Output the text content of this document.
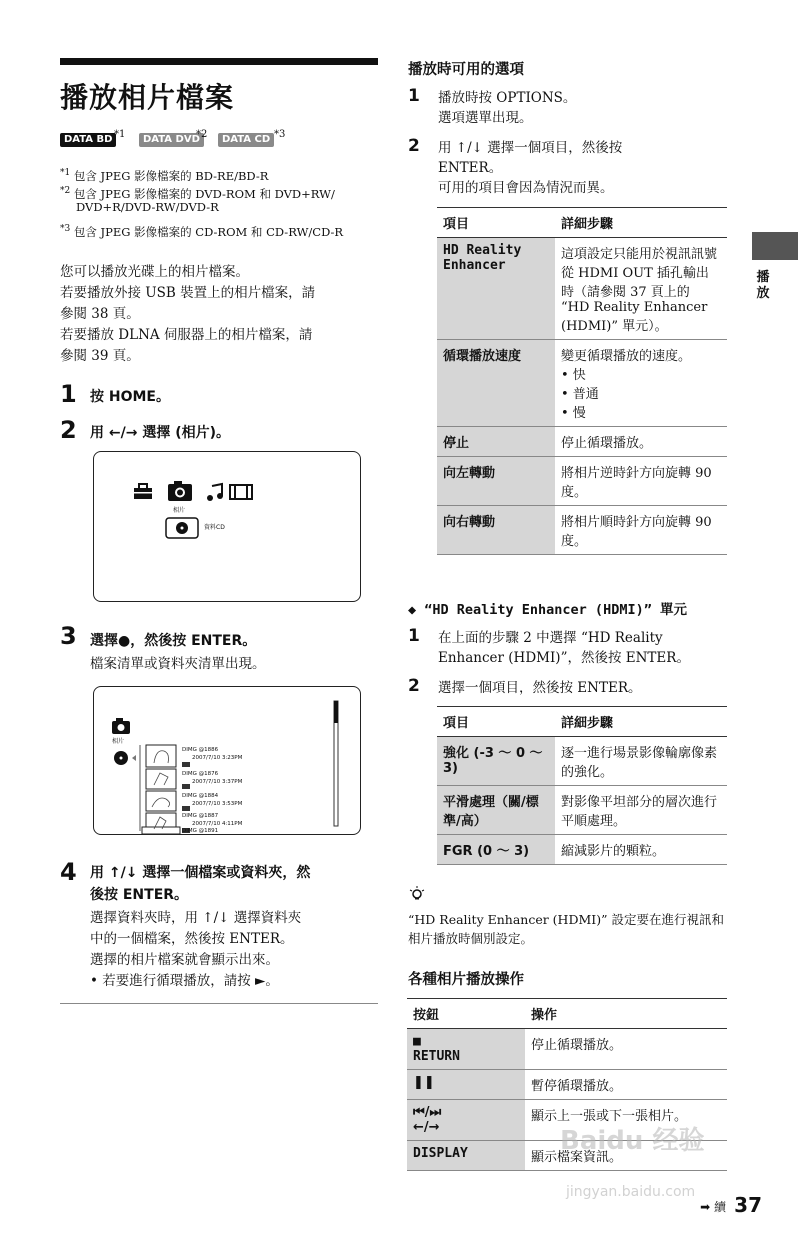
播放相片檔案
DATA BD *1	DATA DVD
*2	DATA CD *3
$^{*1}$ 包含 JPEG 影像檔案的 BD-RE/BD-R
$^{*2}$ 包含 JPEG 影像檔案的 DVD-ROM 和 DVD+RW/
DVD+R/DVD-RW/DVD-R
$^{*3}$ 包含 JPEG 影像檔案的 CD-ROM 和 CD-RW/CD-R
您可以播放光碟上的相片檔案。
若要播放外接 USB 裝置上的相片檔案，請
參閱 38 頁。
若要播放 DLNA 伺服器上的相片檔案，請
參閱 39 頁。
1 按 HOME。
2 用 ←/→ 選擇 (相片)。
相片
資料CD
3 選擇●，然後按 ENTER。
檔案清單或資料夾清單出現。
相片
DIMG @1886
2007/7/10 3:23PM
DIMG @1876
2007/7/10 3:37PM
DIMG @1884
2007/7/10 3:53PM
DIMG @1887
2007/7/10 4:11PM
DIMG @1891
4 用 ↑/↓ 選擇一個檔案或資料夾，然
後按 ENTER。
選擇資料夾時，用 ↑/↓ 選擇資料夾
中的一個檔案，然後按 ENTER。
選擇的相片檔案就會顯示出來。
• 若要進行循環播放，請按 ►。
播放時可用的選項
1 播放時按 OPTIONS。
選項選單出現。
2 用 ↑/↓ 選擇一個項目，然後按
ENTER。
可用的項目會因為情況而異。
項目	詳細步驟
HD Reality Enhancer	這項設定只能用於視訊訊號從 HDMI OUT 插孔輸出時（請參閱 37 頁上的 “HD Reality Enhancer (HDMI)” 單元）。
循環播放速度	變更循環播放的速度。
• 快
• 普通
• 慢
停止	停止循環播放。
向左轉動	將相片逆時針方向旋轉 90 度。
向右轉動	將相片順時針方向旋轉 90 度。
◆ “HD Reality Enhancer (HDMI)” 單元
1 在上面的步驟 2 中選擇 “HD Reality
Enhancer (HDMI)”，然後按 ENTER。
2 選擇一個項目，然後按 ENTER。
項目	詳細步驟
強化 (-3 ～ 0 ～ 3)	逐一進行場景影像輪廓像素的強化。
平滑處理（關/標準/高）	對影像平坦部分的層次進行平順處理。
FGR (0 ～ 3)	縮減影片的顆粒。
“HD Reality Enhancer (HDMI)” 設定要在進行視訊和相片播放時個別設定。
各種相片播放操作
按鈕	操作
■
RETURN	停止循環播放。
❚❚	暫停循環播放。
⏮/⏭
←/→	顯示上一張或下一張相片。
DISPLAY	顯示檔案資訊。
播放
Baidu 经验
jingyan.baidu.com
➡ 續 37
